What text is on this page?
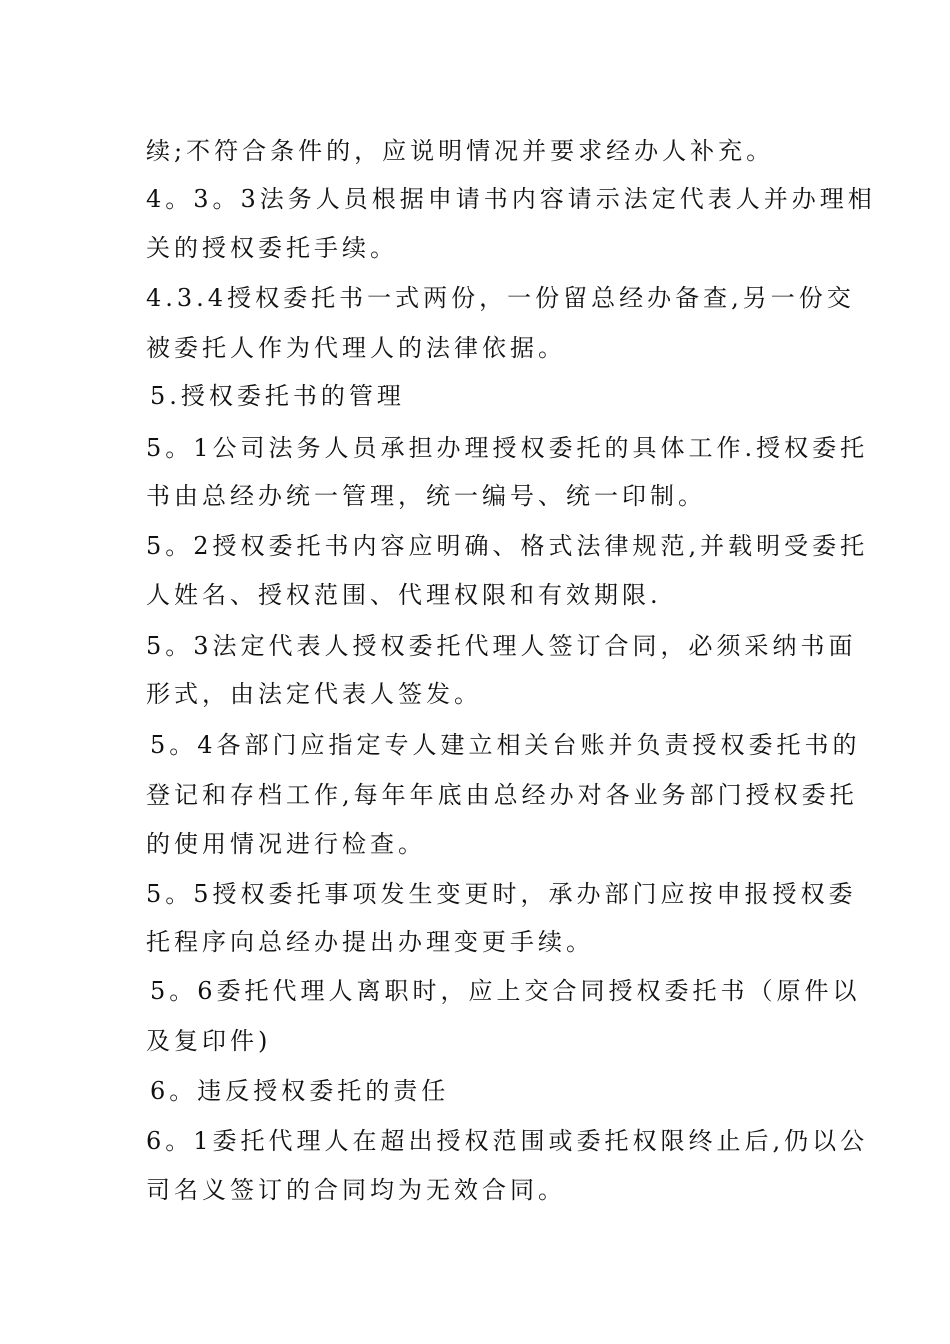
续;不符合条件的，应说明情况并要求经办人补充。

4。3。3法务人员根据申请书内容请示法定代表人并办理相

关的授权委托手续。

4.3.4授权委托书一式两份，一份留总经办备查,另一份交

被委托人作为代理人的法律依据。

5.授权委托书的管理

5。1公司法务人员承担办理授权委托的具体工作.授权委托

书由总经办统一管理，统一编号、统一印制。

5。2授权委托书内容应明确、格式法律规范,并载明受委托

人姓名、授权范围、代理权限和有效期限.

5。3法定代表人授权委托代理人签订合同，必须采纳书面

形式，由法定代表人签发。

5。4各部门应指定专人建立相关台账并负责授权委托书的

登记和存档工作,每年年底由总经办对各业务部门授权委托

的使用情况进行检查。

5。5授权委托事项发生变更时，承办部门应按申报授权委

托程序向总经办提出办理变更手续。

5。6委托代理人离职时，应上交合同授权委托书（原件以

及复印件)

6。违反授权委托的责任

6。1委托代理人在超出授权范围或委托权限终止后,仍以公

司名义签订的合同均为无效合同。
